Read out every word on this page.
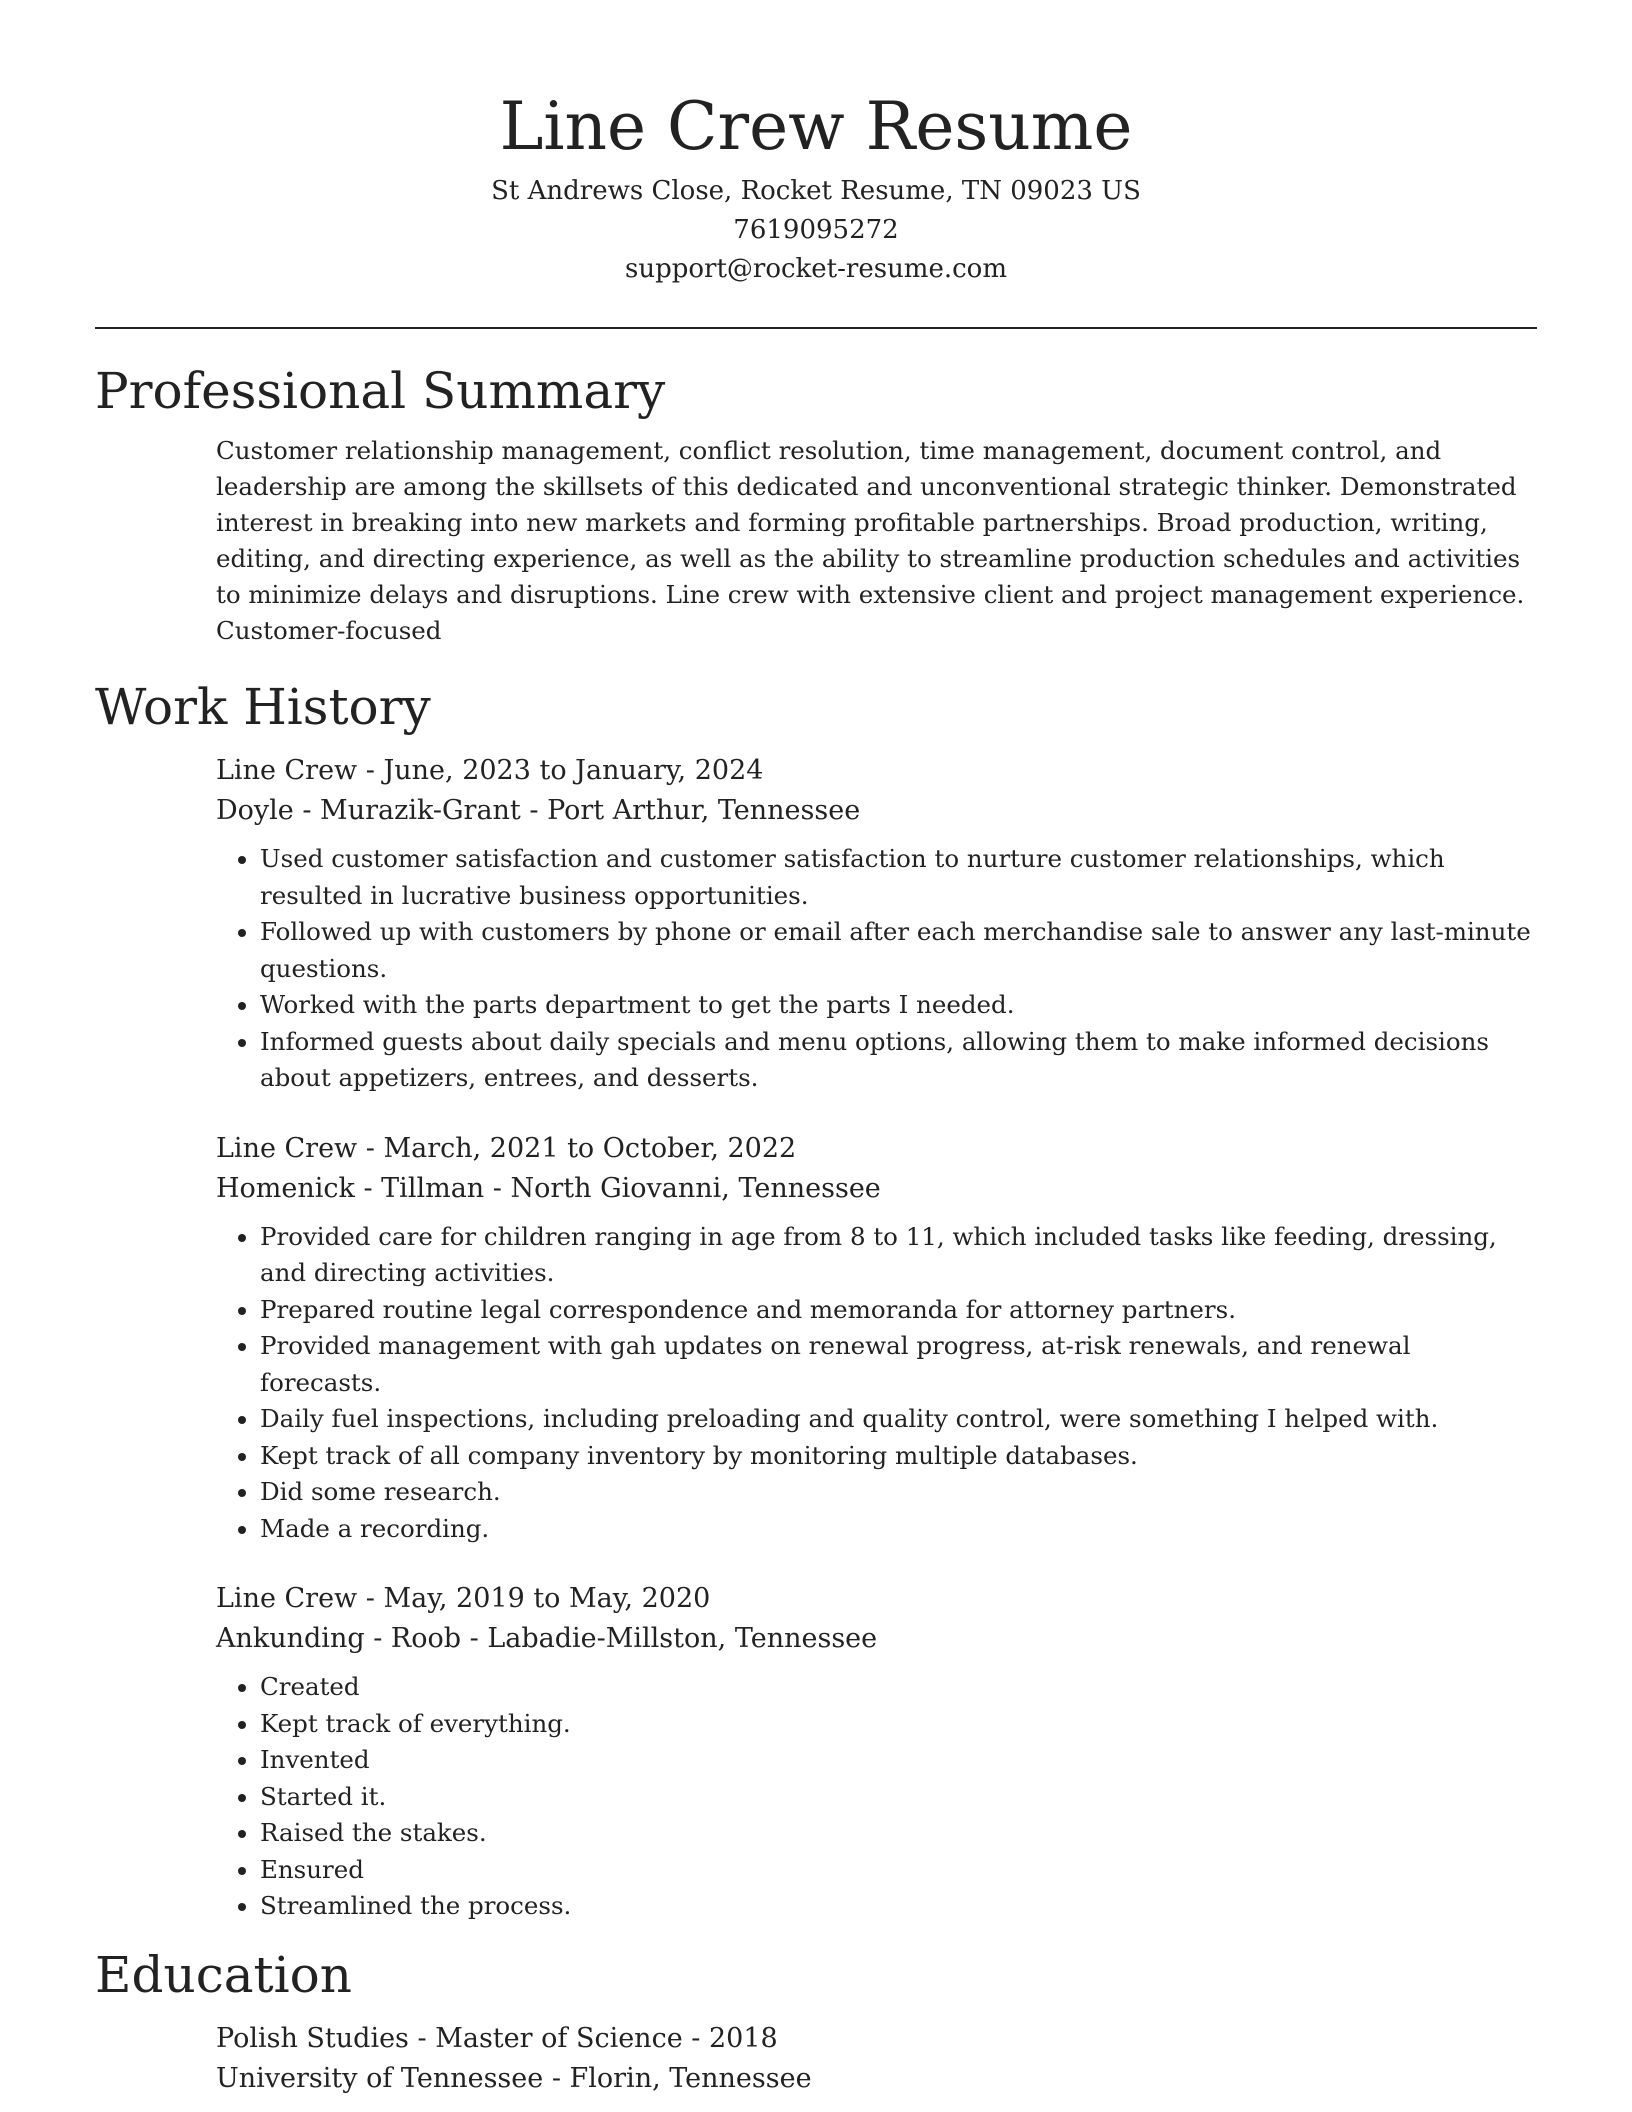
Line Crew Resume

St Andrews Close, Rocket Resume, TN 09023 US

7619095272

support@rocket-resume.com

Professional Summary

Customer relationship management, conflict resolution, time management, document control, and leadership are among the skillsets of this dedicated and unconventional strategic thinker. Demonstrated interest in breaking into new markets and forming profitable partnerships. Broad production, writing, editing, and directing experience, as well as the ability to streamline production schedules and activities to minimize delays and disruptions. Line crew with extensive client and project management experience. Customer-focused

Work History

Line Crew - June, 2023 to January, 2024

Doyle - Murazik-Grant - Port Arthur, Tennessee

• Used customer satisfaction and customer satisfaction to nurture customer relationships, which resulted in lucrative business opportunities.
• Followed up with customers by phone or email after each merchandise sale to answer any last-minute questions.
• Worked with the parts department to get the parts I needed.
• Informed guests about daily specials and menu options, allowing them to make informed decisions about appetizers, entrees, and desserts.

Line Crew - March, 2021 to October, 2022

Homenick - Tillman - North Giovanni, Tennessee

• Provided care for children ranging in age from 8 to 11, which included tasks like feeding, dressing, and directing activities.
• Prepared routine legal correspondence and memoranda for attorney partners.
• Provided management with gah updates on renewal progress, at-risk renewals, and renewal forecasts.
• Daily fuel inspections, including preloading and quality control, were something I helped with.
• Kept track of all company inventory by monitoring multiple databases.
• Did some research.
• Made a recording.

Line Crew - May, 2019 to May, 2020

Ankunding - Roob - Labadie-Millston, Tennessee

• Created
• Kept track of everything.
• Invented
• Started it.
• Raised the stakes.
• Ensured
• Streamlined the process.
Education

Polish Studies - Master of Science - 2018

University of Tennessee - Florin, Tennessee
